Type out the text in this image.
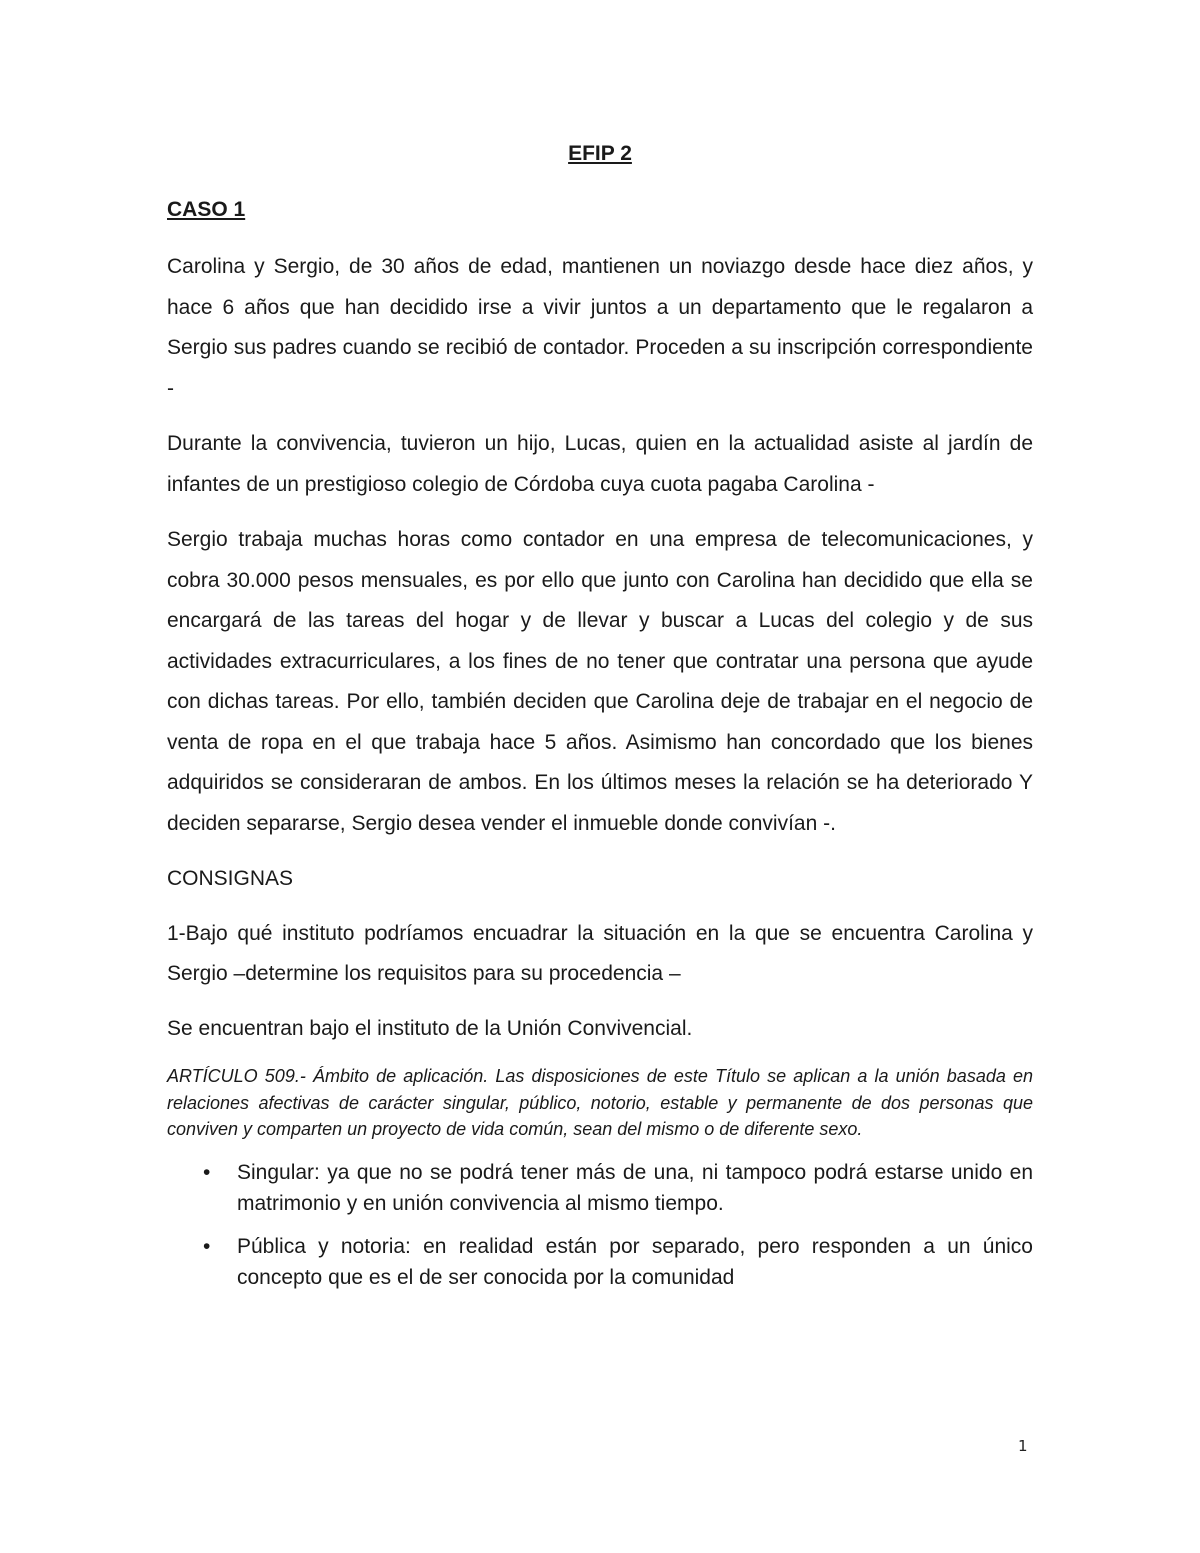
EFIP 2
CASO 1

Carolina y Sergio, de 30 años de edad, mantienen un noviazgo desde hace diez años, y hace 6 años que han decidido irse a vivir juntos a un departamento que le regalaron a Sergio sus padres cuando se recibió de contador. Proceden a su inscripción correspondiente -

Durante la convivencia, tuvieron un hijo, Lucas, quien en la actualidad asiste al jardín de infantes de un prestigioso colegio de Córdoba cuya cuota pagaba Carolina -

Sergio trabaja muchas horas como contador en una empresa de telecomunicaciones, y cobra 30.000 pesos mensuales, es por ello que junto con Carolina han decidido que ella se encargará de las tareas del hogar y de llevar y buscar a Lucas del colegio y de sus actividades extracurriculares, a los fines de no tener que contratar una persona que ayude con dichas tareas. Por ello, también deciden que Carolina deje de trabajar en el negocio de venta de ropa en el que trabaja hace 5 años. Asimismo han concordado que los bienes adquiridos se consideraran de ambos. En los últimos meses la relación se ha deteriorado Y deciden separarse, Sergio desea vender el inmueble donde convivían -.

CONSIGNAS

1-Bajo qué instituto podríamos encuadrar la situación en la que se encuentra Carolina y Sergio –determine los requisitos para su procedencia –

Se encuentran bajo el instituto de la Unión Convivencial.

ARTÍCULO 509.- Ámbito de aplicación. Las disposiciones de este Título se aplican a la unión basada en relaciones afectivas de carácter singular, público, notorio, estable y permanente de dos personas que conviven y comparten un proyecto de vida común, sean del mismo o de diferente sexo.

• Singular: ya que no se podrá tener más de una, ni tampoco podrá estarse unido en matrimonio y en unión convivencia al mismo tiempo.
• Pública y notoria: en realidad están por separado, pero responden a un único concepto que es el de ser conocida por la comunidad
1
